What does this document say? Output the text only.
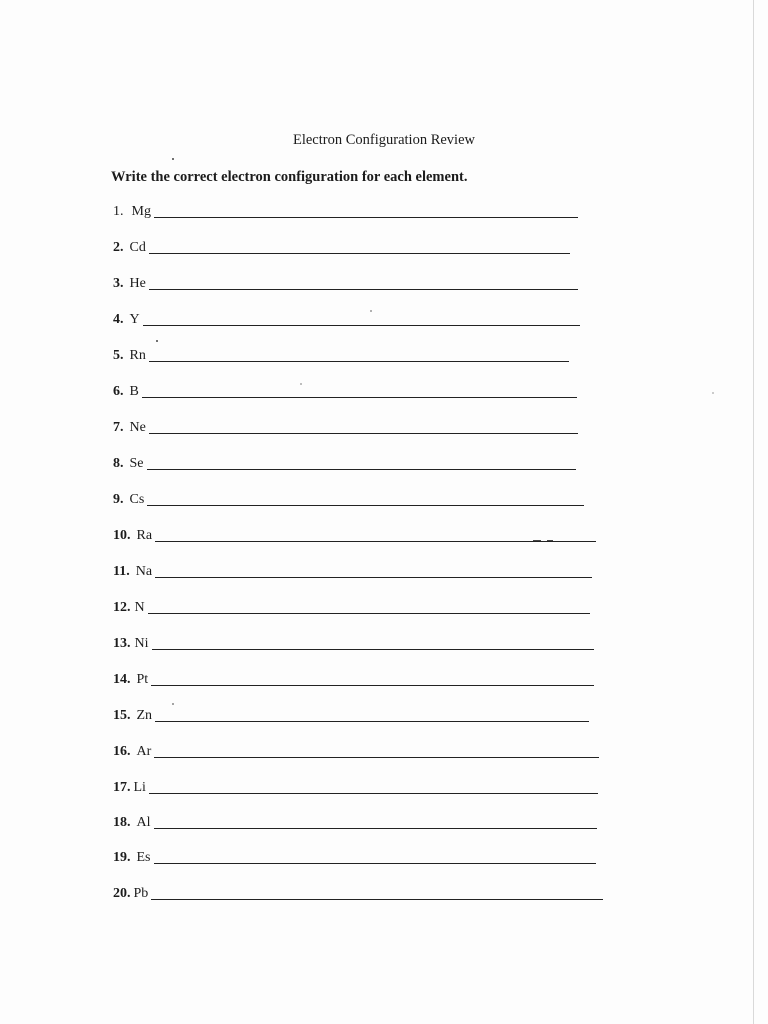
Electron Configuration Review
Write the correct electron configuration for each element.
1. Mg
2. Cd
3. He
4. Y
5. Rn
6. B
7. Ne
8. Se
9. Cs
10. Ra
11. Na
12. N
13. Ni
14. Pt
15. Zn
16. Ar
17. Li
18. Al
19. Es
20. Pb
